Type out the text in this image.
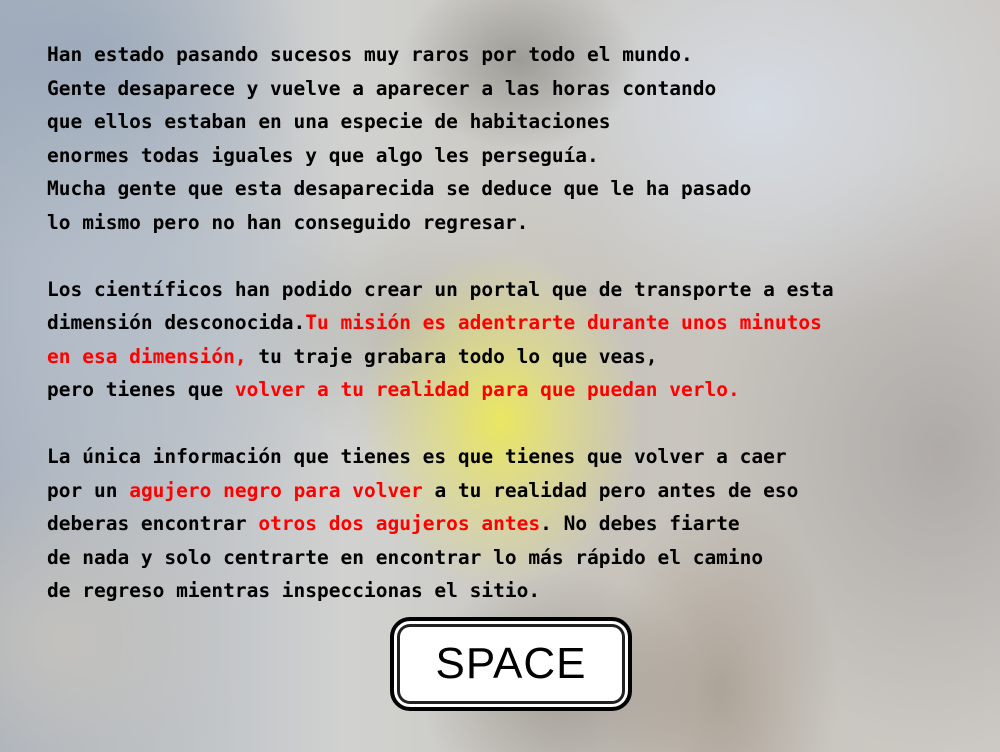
Han estado pasando sucesos muy raros por todo el mundo.
Gente desaparece y vuelve a aparecer a las horas contando
que ellos estaban en una especie de habitaciones
enormes todas iguales y que algo les perseguía.
Mucha gente que esta desaparecida se deduce que le ha pasado
lo mismo pero no han conseguido regresar.
Los científicos han podido crear un portal que de transporte a esta
dimensión desconocida.Tu misión es adentrarte durante unos minutos
en esa dimensión, tu traje grabara todo lo que veas,
pero tienes que volver a tu realidad para que puedan verlo.
La única información que tienes es que tienes que volver a caer
por un agujero negro para volver a tu realidad pero antes de eso
deberas encontrar otros dos agujeros antes. No debes fiarte
de nada y solo centrarte en encontrar lo más rápido el camino
de regreso mientras inspeccionas el sitio.
SPACE
